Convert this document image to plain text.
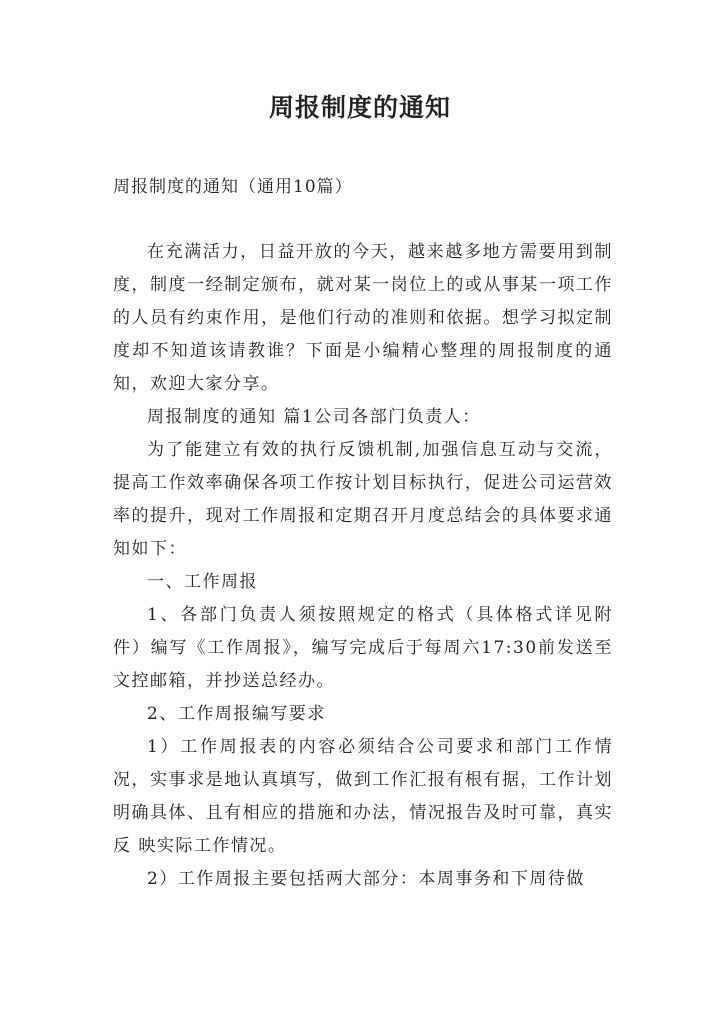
周报制度的通知

周报制度的通知（通用10篇）

在充满活力，日益开放的今天，越来越多地方需要用到制度，制度一经制定颁布，就对某一岗位上的或从事某一项工作的人员有约束作用，是他们行动的准则和依据。想学习拟定制度却不知道该请教谁？下面是小编精心整理的周报制度的通知，欢迎大家分享。

周报制度的通知 篇1公司各部门负责人：

为了能建立有效的执行反馈机制,加强信息互动与交流，提高工作效率确保各项工作按计划目标执行，促进公司运营效率的提升，现对工作周报和定期召开月度总结会的具体要求通知如下：

一、工作周报

1、各部门负责人须按照规定的格式（具体格式详见附件）编写《工作周报》，编写完成后于每周六17:30前发送至文控邮箱，并抄送总经办。

2、工作周报编写要求

1）工作周报表的内容必须结合公司要求和部门工作情况，实事求是地认真填写，做到工作汇报有根有据，工作计划明确具体、且有相应的措施和办法，情况报告及时可靠，真实反 映实际工作情况。

2）工作周报主要包括两大部分：本周事务和下周待做
